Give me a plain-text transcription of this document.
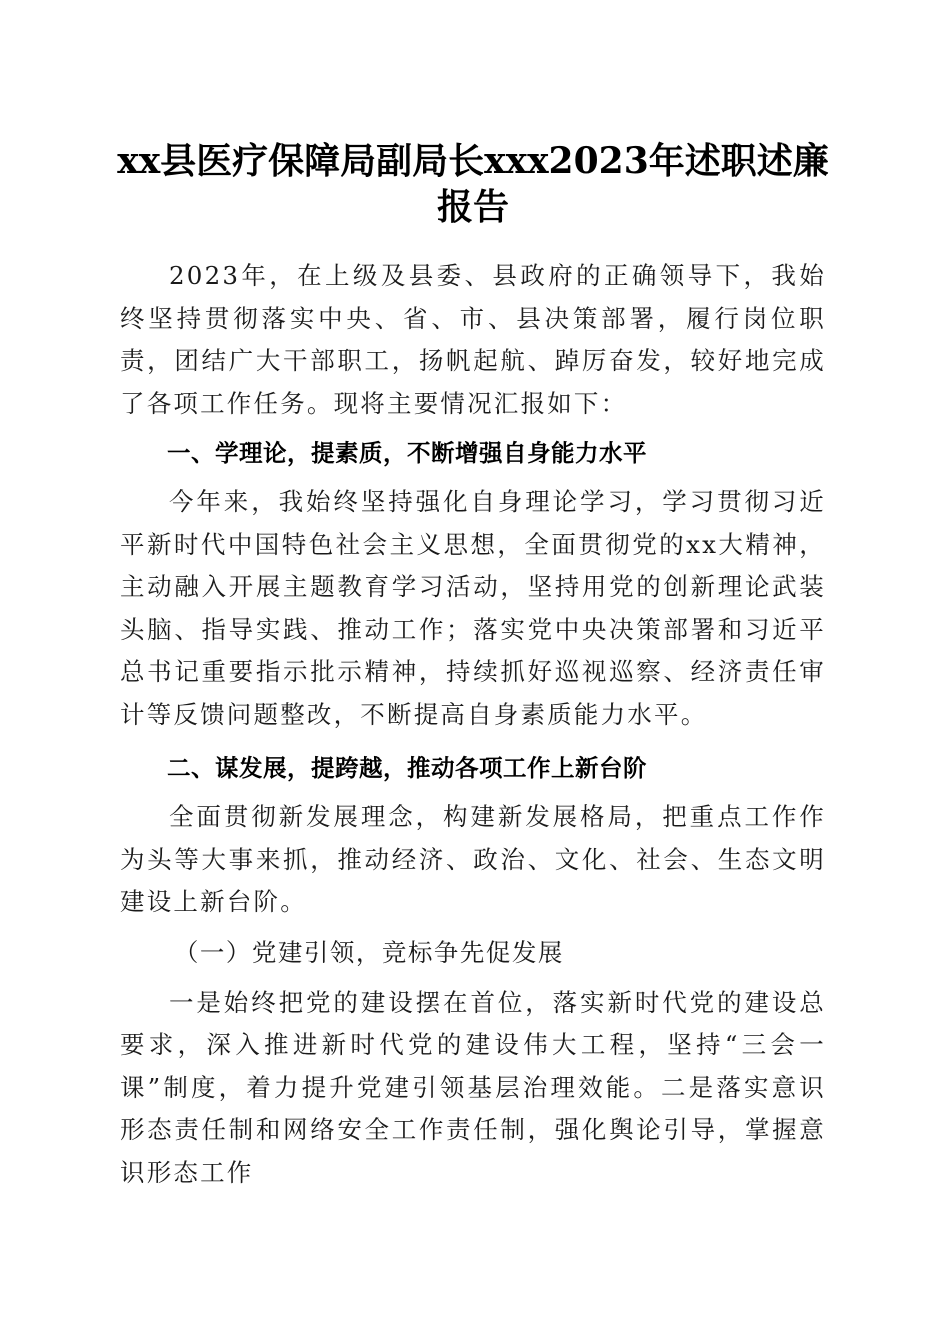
xx县医疗保障局副局长xxx2023年述职述廉报告

2023年，在上级及县委、县政府的正确领导下，我始终坚持贯彻落实中央、省、市、县决策部署，履行岗位职责，团结广大干部职工，扬帆起航、踔厉奋发，较好地完成了各项工作任务。现将主要情况汇报如下：

一、学理论，提素质，不断增强自身能力水平

今年来，我始终坚持强化自身理论学习，学习贯彻习近平新时代中国特色社会主义思想，全面贯彻党的xx大精神，主动融入开展主题教育学习活动，坚持用党的创新理论武装头脑、指导实践、推动工作；落实党中央决策部署和习近平总书记重要指示批示精神，持续抓好巡视巡察、经济责任审计等反馈问题整改，不断提高自身素质能力水平。

二、谋发展，提跨越，推动各项工作上新台阶

全面贯彻新发展理念，构建新发展格局，把重点工作作为头等大事来抓，推动经济、政治、文化、社会、生态文明建设上新台阶。

（一）党建引领，竞标争先促发展

一是始终把党的建设摆在首位，落实新时代党的建设总要求，深入推进新时代党的建设伟大工程，坚持“三会一课”制度，着力提升党建引领基层治理效能。二是落实意识形态责任制和网络安全工作责任制，强化舆论引导，掌握意识形态工作
